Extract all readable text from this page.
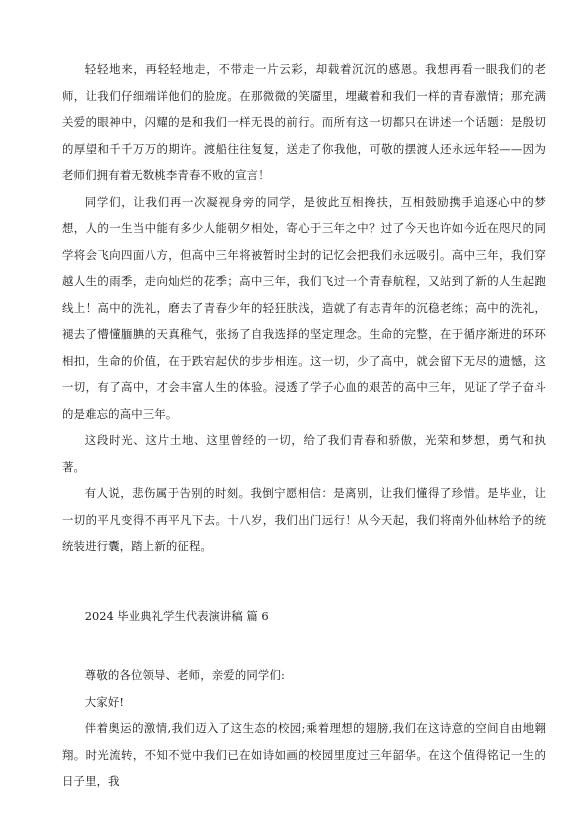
轻轻地来，再轻轻地走，不带走一片云彩，却载着沉沉的感恩。我想再看一眼我们的老师，让我们仔细端详他们的脸庞。在那微微的笑靥里，埋藏着和我们一样的青春激情；那充满关爱的眼神中，闪耀的是和我们一样无畏的前行。而所有这一切都只在讲述一个话题：是殷切的厚望和千千万万的期许。渡船往往复复，送走了你我他，可敬的摆渡人还永远年轻——因为老师们拥有着无数桃李青春不败的宣言！

同学们，让我们再一次凝视身旁的同学，是彼此互相搀扶，互相鼓励携手追逐心中的梦想，人的一生当中能有多少人能朝夕相处，寄心于三年之中？过了今天也许如今近在咫尺的同学将会飞向四面八方，但高中三年将被暂时尘封的记忆会把我们永远吸引。高中三年，我们穿越人生的雨季，走向灿烂的花季；高中三年，我们飞过一个青春航程，又站到了新的人生起跑线上！高中的洗礼，磨去了青春少年的轻狂肤浅，造就了有志青年的沉稳老练；高中的洗礼，褪去了懵懂腼腆的天真稚气，张扬了自我选择的坚定理念。生命的完整，在于循序渐进的环环相扣，生命的价值，在于跌宕起伏的步步相连。这一切，少了高中，就会留下无尽的遗憾，这一切，有了高中，才会丰富人生的体验。浸透了学子心血的艰苦的高中三年，见证了学子奋斗的是难忘的高中三年。

这段时光、这片土地、这里曾经的一切，给了我们青春和骄傲，光荣和梦想，勇气和执著。

有人说，悲伤属于告别的时刻。我倒宁愿相信：是离别，让我们懂得了珍惜。是毕业，让一切的平凡变得不再平凡下去。十八岁，我们出门远行！从今天起，我们将南外仙林给予的统统装进行囊，踏上新的征程。

2024 毕业典礼学生代表演讲稿 篇 6

尊敬的各位领导、老师，亲爱的同学们:

大家好!

伴着奥运的激情,我们迈入了这生态的校园;乘着理想的翅膀,我们在这诗意的空间自由地翱翔。时光流转，不知不觉中我们已在如诗如画的校园里度过三年韶华。在这个值得铭记一生的日子里，我
